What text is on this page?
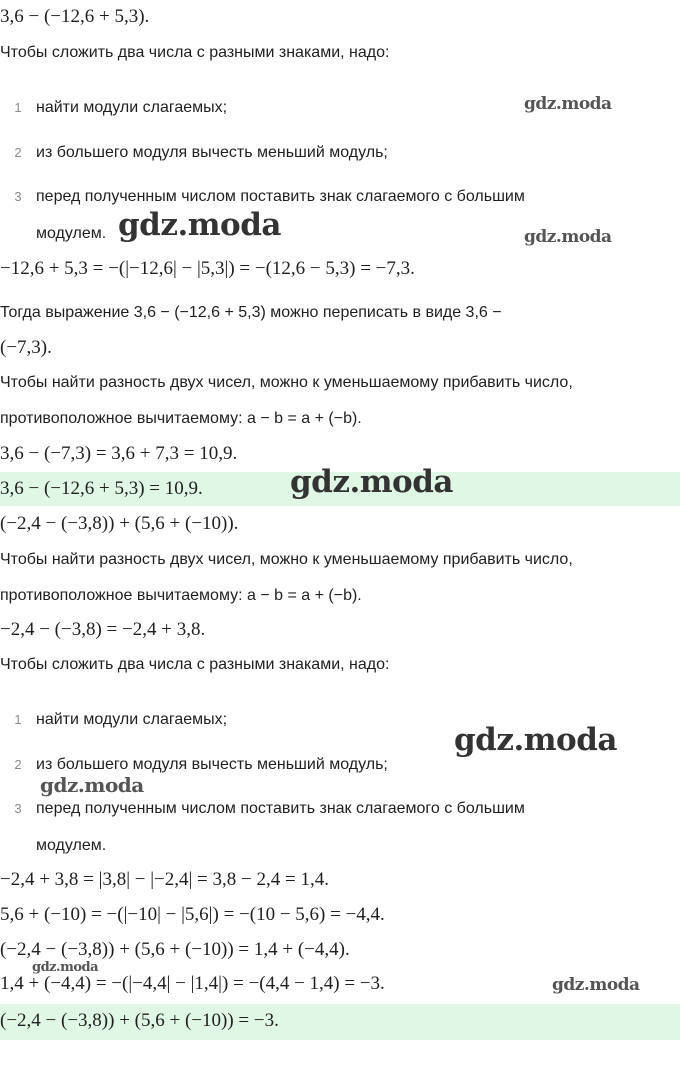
3,6 − (−12,6 + 5,3).
Чтобы сложить два числа с разными знаками, надо:
1 найти модули слагаемых;
2 из большего модуля вычесть меньший модуль;
3 перед полученным числом поставить знак слагаемого с большим
модулем.
−12,6 + 5,3 = −(|−12,6| − |5,3|) = −(12,6 − 5,3) = −7,3.
Тогда выражение 3,6 − (−12,6 + 5,3) можно переписать в виде 3,6 −
(−7,3).
Чтобы найти разность двух чисел, можно к уменьшаемому прибавить число,
противоположное вычитаемому: a − b = a + (−b).
3,6 − (−7,3) = 3,6 + 7,3 = 10,9.
3,6 − (−12,6 + 5,3) = 10,9.
(−2,4 − (−3,8)) + (5,6 + (−10)).
Чтобы найти разность двух чисел, можно к уменьшаемому прибавить число,
противоположное вычитаемому: a − b = a + (−b).
−2,4 − (−3,8) = −2,4 + 3,8.
Чтобы сложить два числа с разными знаками, надо:
1 найти модули слагаемых;
2 из большего модуля вычесть меньший модуль;
3 перед полученным числом поставить знак слагаемого с большим
модулем.
−2,4 + 3,8 = |3,8| − |−2,4| = 3,8 − 2,4 = 1,4.
5,6 + (−10) = −(|−10| − |5,6|) = −(10 − 5,6) = −4,4.
(−2,4 − (−3,8)) + (5,6 + (−10)) = 1,4 + (−4,4).
1,4 + (−4,4) = −(|−4,4| − |1,4|) = −(4,4 − 1,4) = −3.
(−2,4 − (−3,8)) + (5,6 + (−10)) = −3.
gdz.moda
gdz.moda	gdz.moda
gdz.moda
gdz.moda
gdz.moda
gdz.moda
gdz.moda
